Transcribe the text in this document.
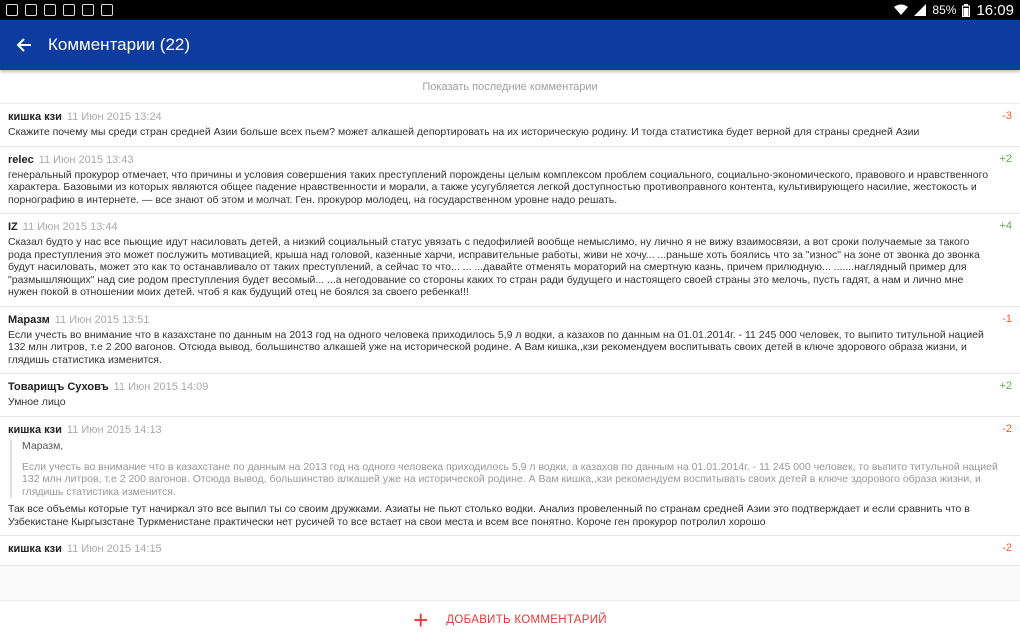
85% 16:09
Комментарии (22)
Показать последние комментарии
кишка кзи 11 Июн 2015 13:24	-3
Скажите почему мы среди стран средней Азии больше всех пьем? может алкашей депортировать на их историческую родину. И тогда статистика будет верной для страны средней Азии
relec 11 Июн 2015 13:43	+2
генеральный прокурор отмечает, что причины и условия совершения таких преступлений порождены целым комплексом проблем социального, социально-экономического, правового и нравственного характера. Базовыми из которых являются общее падение нравственности и морали, а также усугубляется легкой доступностью противоправного контента, культивирующего насилие, жестокость и порнографию в интернете. — все знают об этом и молчат. Ген. прокурор молодец, на государственном уровне надо решать.
IZ 11 Июн 2015 13:44	+4
Сказал будто у нас все пьющие идут насиловать детей, а низкий социальный статус увязать с педофилией вообще немыслимо, ну лично я не вижу взаимосвязи, а вот сроки получаемые за такого рода преступления это может послужить мотивацией, крыша над головой, казенные харчи, исправительные работы, живи не хочу... ...раньше хоть боялись что за "износ" на зоне от звонка до звонка будут насиловать, может это как то останавливало от таких преступлений, а сейчас то что... ... ...давайте отменять мораторий на смертную казнь, причем прилюдную... .......наглядный пример для "размышляющих" над сие родом преступления будет весомый... ...а негодование со стороны каких то стран ради будущего и настоящего своей страны это мелочь, пусть гадят, а нам и лично мне нужен покой в отношении моих детей. чтоб я как будущий отец не боялся за своего ребенка!!!
Маразм 11 Июн 2015 13:51	-1
Если учесть во внимание что в казахстане по данным на 2013 год на одного человека приходилось 5,9 л водки, а казахов по данным на 01.01.2014г. - 11 245 000 человек, то выпито титульной нацией 132 млн литров, т.е 2 200 вагонов. Отсюда вывод, большинство алкашей уже на исторической родине. А Вам кишка,,кзи рекомендуем воспитывать своих детей в ключе здорового образа жизни, и глядишь статистика изменится.
Товарищъ Суховъ 11 Июн 2015 14:09	+2
Умное лицо
кишка кзи 11 Июн 2015 14:13	-2
Маразм,
Если учесть во внимание что в казахстане по данным на 2013 год на одного человека приходилось 5,9 л водки, а казахов по данным на 01.01.2014г. - 11 245 000 человек, то выпито титульной нацией 132 млн литров, т.е 2 200 вагонов. Отсюда вывод, большинство алкашей уже на исторической родине. А Вам кишка,,кзи рекомендуем воспитывать своих детей в ключе здорового образа жизни, и глядишь статистика изменится.
Так все объемы которые тут начиркал это все выпил ты со своим дружками. Азиаты не пьют столько водки. Анализ провеленный по странам средней Азии это подтверждает и если сравнить что в Узбекистане Кыргызстане Туркменистане практически нет русичей то все встает на свои места и всем все понятно. Короче ген прокурор потролил хорошо
кишка кзи 11 Июн 2015 14:15	-2
+ ДОБАВИТЬ КОММЕНТАРИЙ
